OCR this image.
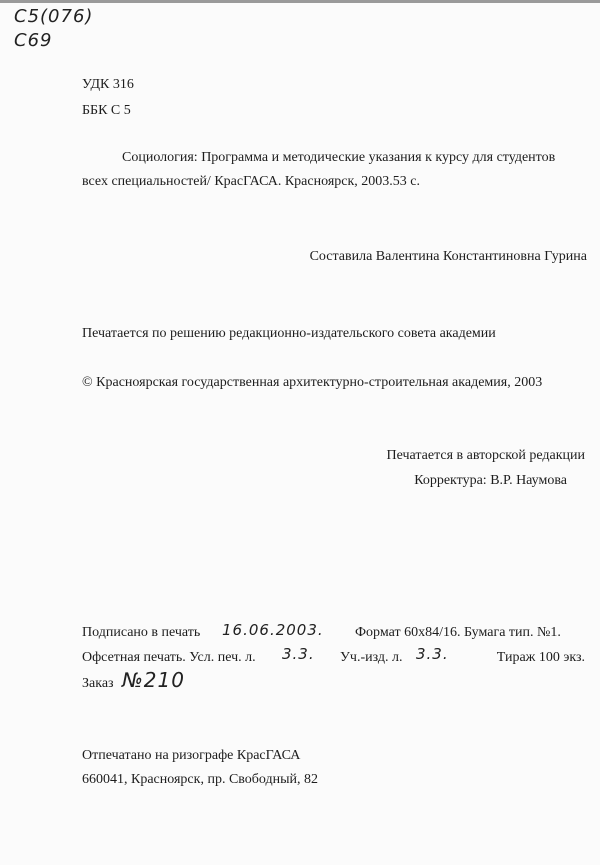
С5(076)
С69
УДК 316
ББК С 5
Социология: Программа и методические указания к курсу для студентов
всех специальностей/ КрасГАСА. Красноярск, 2003.53 с.
Составила Валентина Константиновна Гурина
Печатается по решению редакционно-издательского совета академии
© Красноярская государственная архитектурно-строительная академия, 2003
Печатается в авторской редакции
Корректура: В.Р. Наумова
Подписано в печать 16.06.2003. Формат 60х84/16. Бумага тип. №1.
Офсетная печать. Усл. печ. л. 3.3. Уч.-изд. л. 3.3.	Тираж 100 экз.
Заказ №210
Отпечатано на ризографе КрасГАСА
660041, Красноярск, пр. Свободный, 82
